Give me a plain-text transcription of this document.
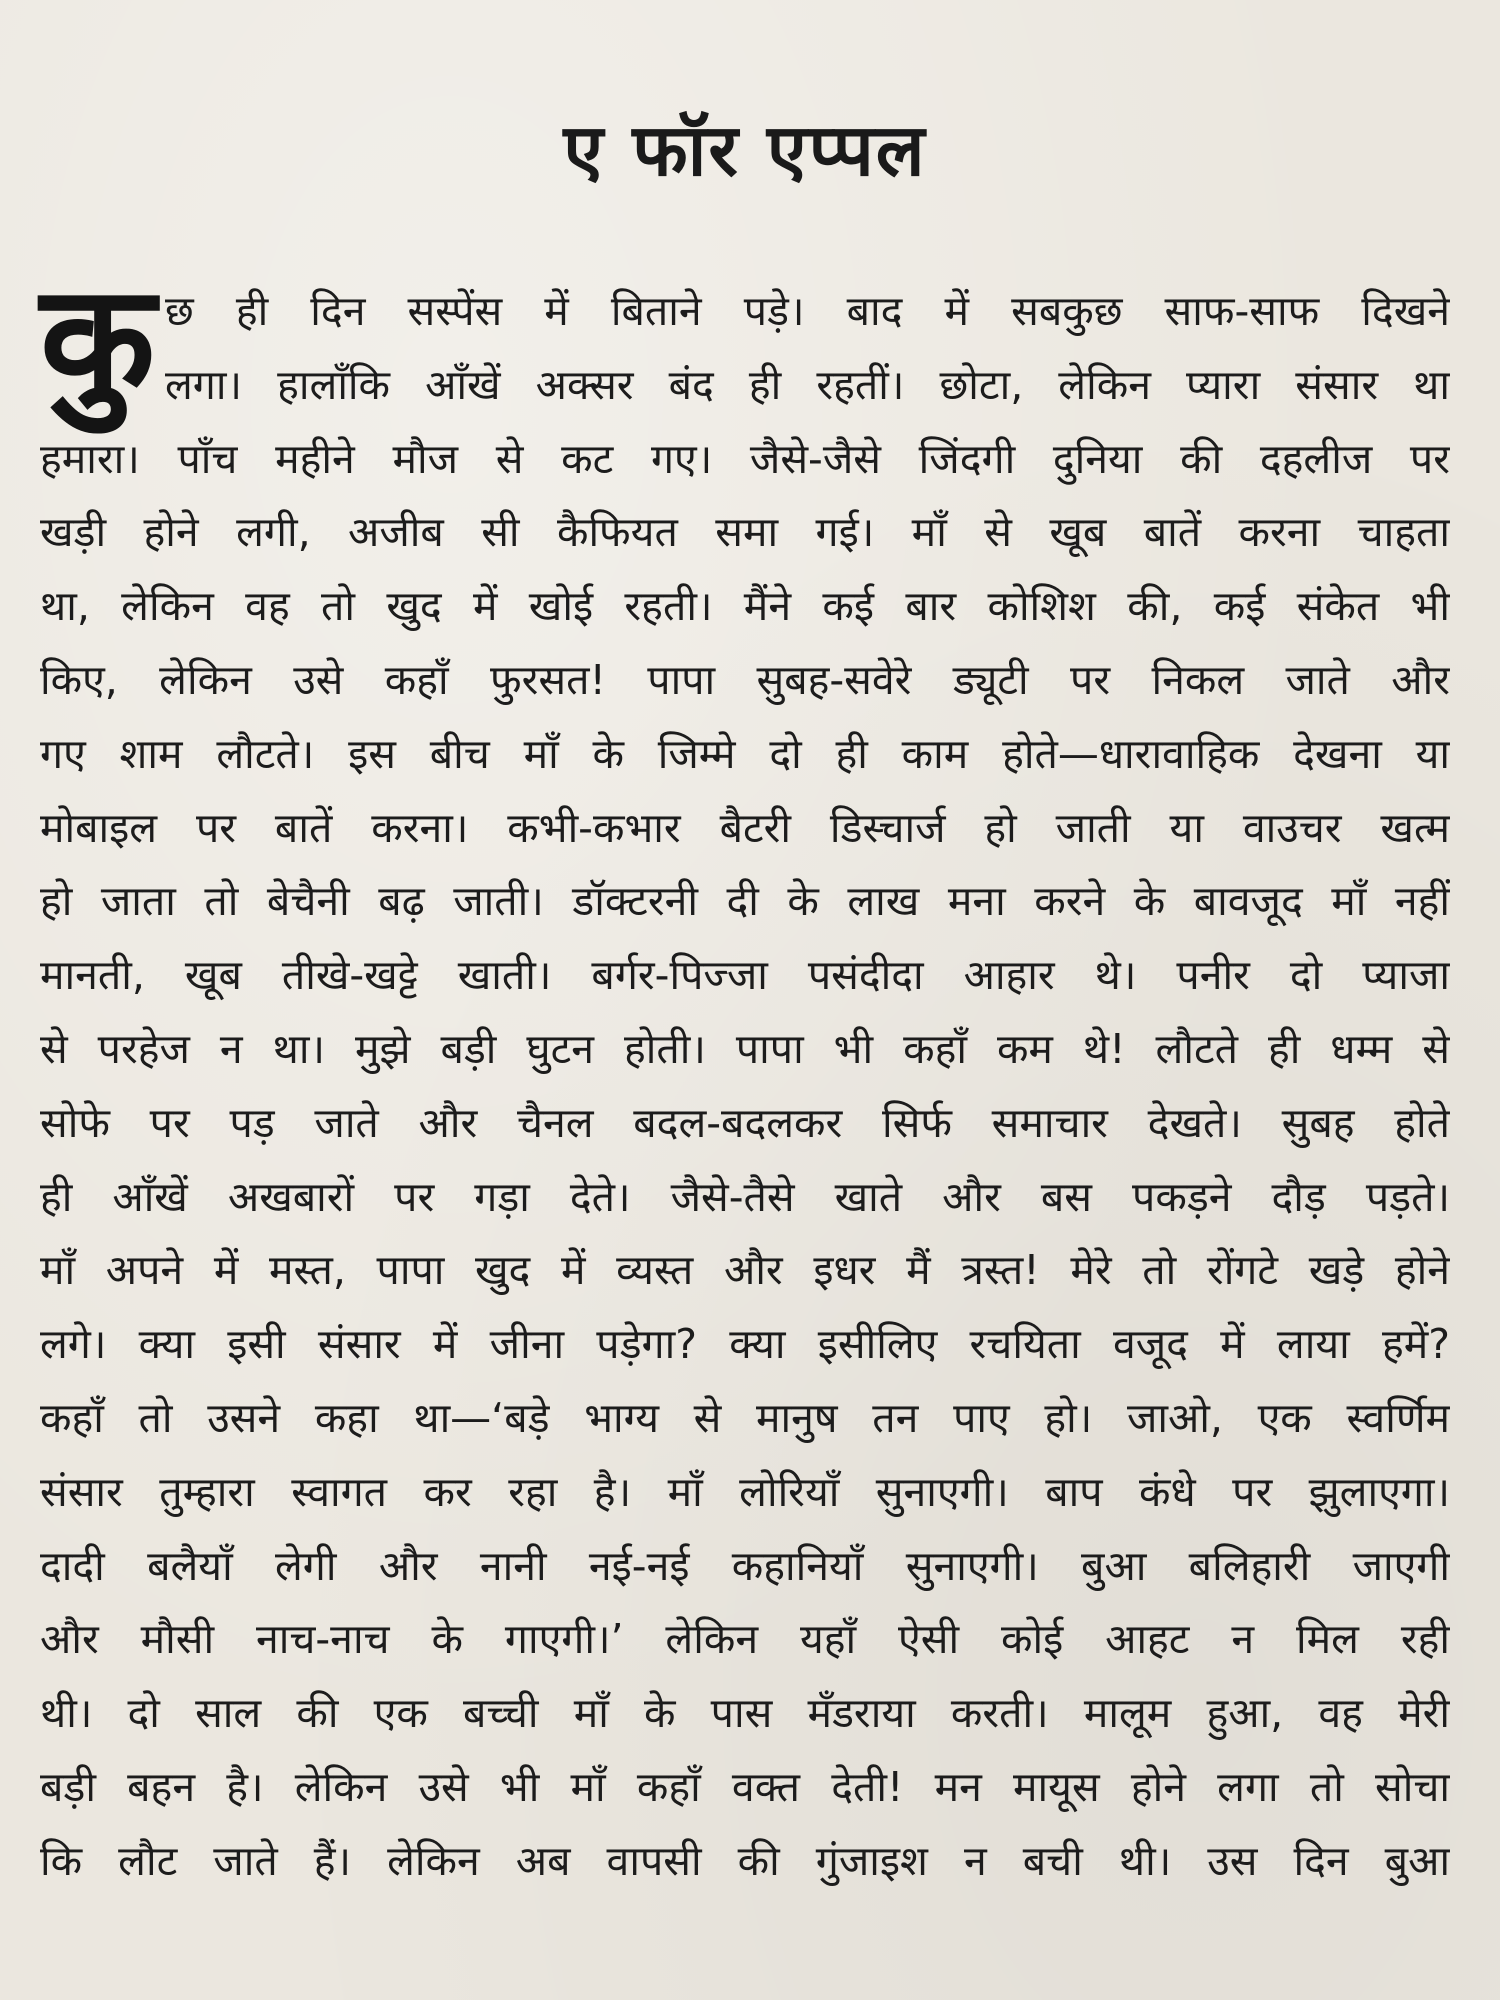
ए फॉर एप्पल
कु छ ही दिन सस्पेंस में बिताने पड़े। बाद में सबकुछ साफ-साफ दिखने
लगा। हालाँकि आँखें अक्सर बंद ही रहतीं। छोटा, लेकिन प्यारा संसार था
हमारा। पाँच महीने मौज से कट गए। जैसे-जैसे जिंदगी दुनिया की दहलीज पर
खड़ी होने लगी, अजीब सी कैफियत समा गई। माँ से खूब बातें करना चाहता
था, लेकिन वह तो खुद में खोई रहती। मैंने कई बार कोशिश की, कई संकेत भी
किए, लेकिन उसे कहाँ फुरसत! पापा सुबह-सवेरे ड्यूटी पर निकल जाते और
गए शाम लौटते। इस बीच माँ के जिम्मे दो ही काम होते—धारावाहिक देखना या
मोबाइल पर बातें करना। कभी-कभार बैटरी डिस्चार्ज हो जाती या वाउचर खत्म
हो जाता तो बेचैनी बढ़ जाती। डॉक्टरनी दी के लाख मना करने के बावजूद माँ नहीं
मानती, खूब तीखे-खट्टे खाती। बर्गर-पिज्जा पसंदीदा आहार थे। पनीर दो प्याजा
से परहेज न था। मुझे बड़ी घुटन होती। पापा भी कहाँ कम थे! लौटते ही धम्म से
सोफे पर पड़ जाते और चैनल बदल-बदलकर सिर्फ समाचार देखते। सुबह होते
ही आँखें अखबारों पर गड़ा देते। जैसे-तैसे खाते और बस पकड़ने दौड़ पड़ते।
माँ अपने में मस्त, पापा खुद में व्यस्त और इधर मैं त्रस्त! मेरे तो रोंगटे खड़े होने
लगे। क्या इसी संसार में जीना पड़ेगा? क्या इसीलिए रचयिता वजूद में लाया हमें?
कहाँ तो उसने कहा था—‘बड़े भाग्य से मानुष तन पाए हो। जाओ, एक स्वर्णिम
संसार तुम्हारा स्वागत कर रहा है। माँ लोरियाँ सुनाएगी। बाप कंधे पर झुलाएगा।
दादी बलैयाँ लेगी और नानी नई-नई कहानियाँ सुनाएगी। बुआ बलिहारी जाएगी
और मौसी नाच-नाच के गाएगी।’ लेकिन यहाँ ऐसी कोई आहट न मिल रही
थी। दो साल की एक बच्ची माँ के पास मँडराया करती। मालूम हुआ, वह मेरी
बड़ी बहन है। लेकिन उसे भी माँ कहाँ वक्त देती! मन मायूस होने लगा तो सोचा
कि लौट जाते हैं। लेकिन अब वापसी की गुंजाइश न बची थी। उस दिन बुआ
